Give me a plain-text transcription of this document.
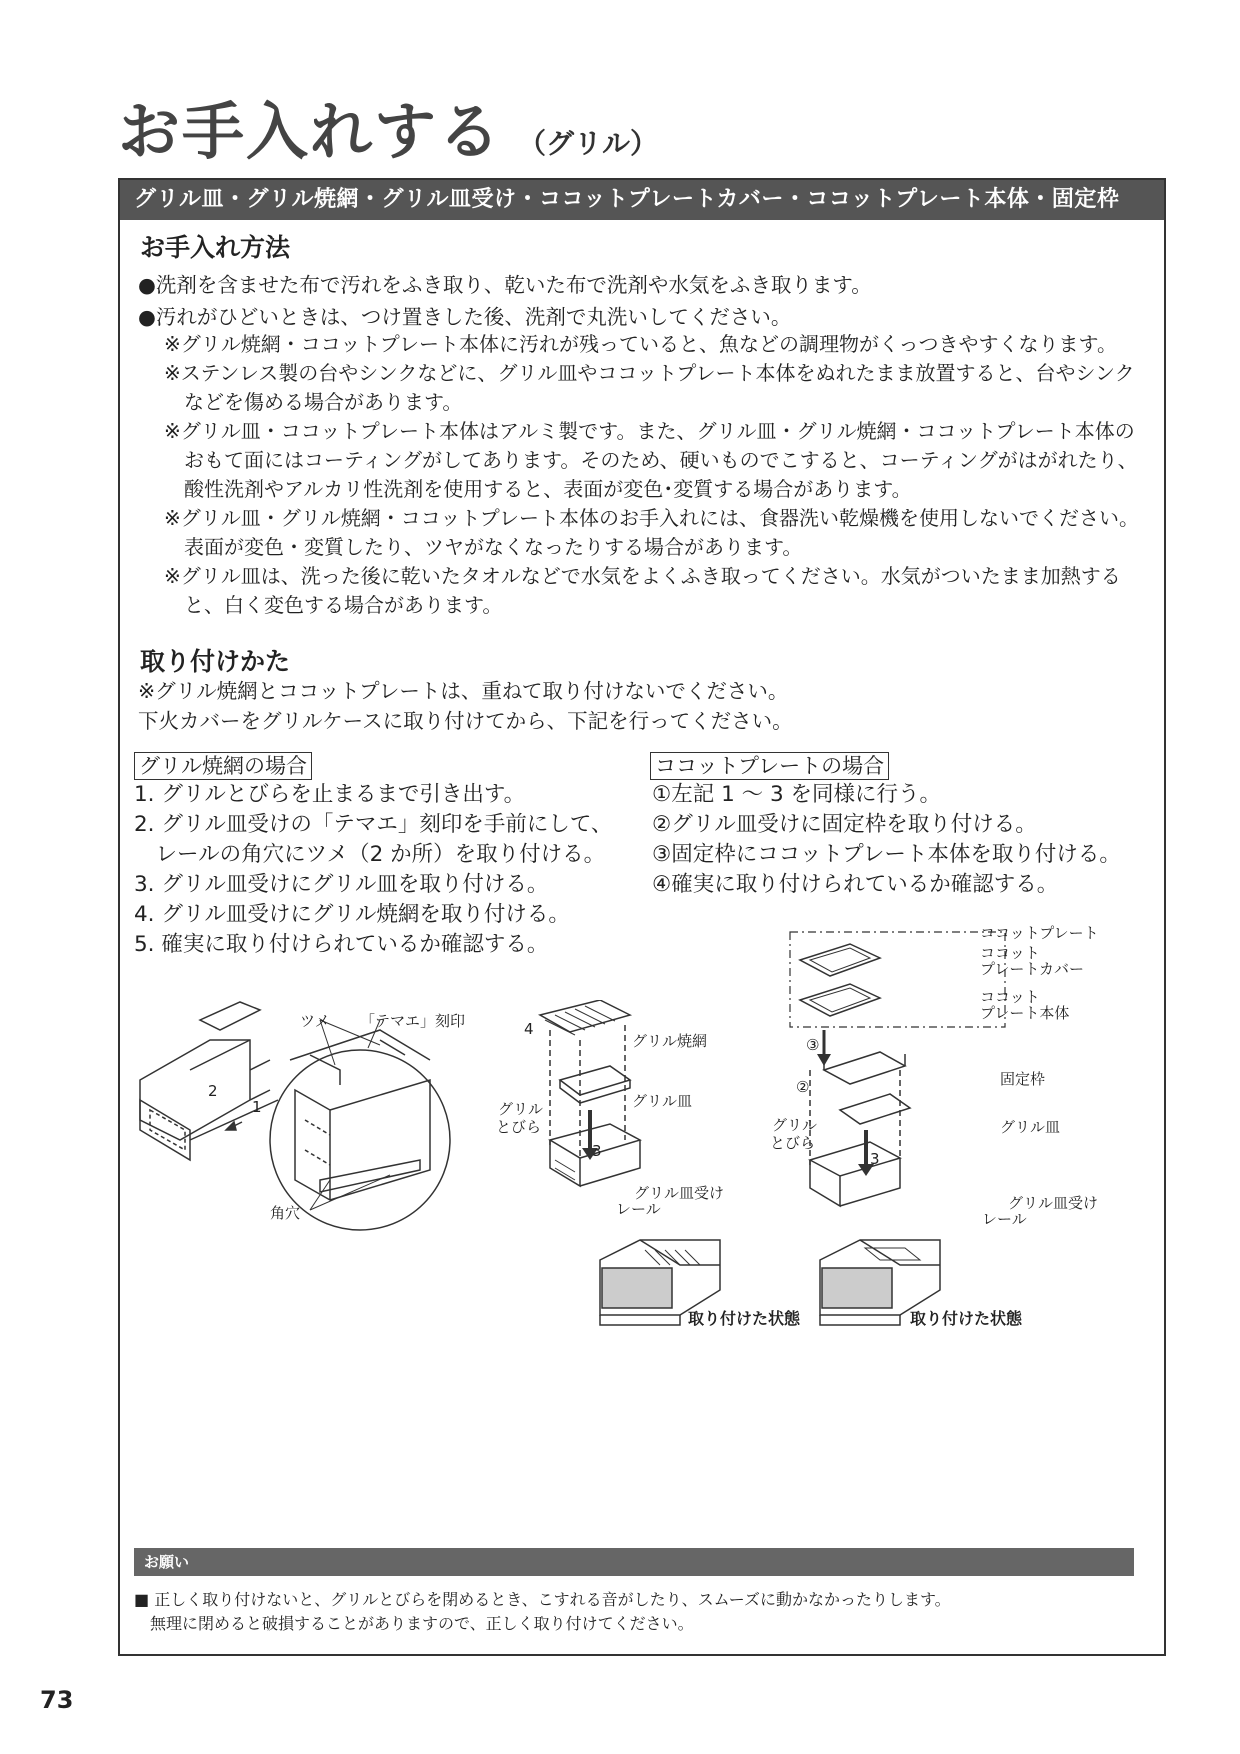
お手入れする （グリル）
グリル皿・グリル焼網・グリル皿受け・ココットプレートカバー・ココットプレート本体・固定枠
お手入れ方法
●洗剤を含ませた布で汚れをふき取り、乾いた布で洗剤や水気をふき取ります。
●汚れがひどいときは、つけ置きした後、洗剤で丸洗いしてください。

※グリル焼網・ココットプレート本体に汚れが残っていると、魚などの調理物がくっつきやすくなります。

※ステンレス製の台やシンクなどに、グリル皿やココットプレート本体をぬれたまま放置すると、台やシンクなどを傷める場合があります。

※グリル皿・ココットプレート本体はアルミ製です。また、グリル皿・グリル焼網・ココットプレート本体のおもて面にはコーティングがしてあります。そのため、硬いものでこすると、コーティングがはがれたり、酸性洗剤やアルカリ性洗剤を使用すると、表面が変色･変質する場合があります。

※グリル皿・グリル焼網・ココットプレート本体のお手入れには、食器洗い乾燥機を使用しないでください。

表面が変色・変質したり、ツヤがなくなったりする場合があります。

※グリル皿は、洗った後に乾いたタオルなどで水気をよくふき取ってください。水気がついたまま加熱すると、白く変色する場合があります。

取り付けかた
※グリル焼網とココットプレートは、重ねて取り付けないでください。
下火カバーをグリルケースに取り付けてから、下記を行ってください。
グリル焼網の場合
1. グリルとびらを止まるまで引き出す。
2. グリル皿受けの「テマエ」刻印を手前にして、
　レールの角穴にツメ（2 か所）を取り付ける。
3. グリル皿受けにグリル皿を取り付ける。
4. グリル皿受けにグリル焼網を取り付ける。
5. 確実に取り付けられているか確認する。
ココットプレートの場合
①左記 1 ～ 3 を同様に行う。
②グリル皿受けに固定枠を取り付ける。
③固定枠にココットプレート本体を取り付ける。
④確実に取り付けられているか確認する。
ツメ 「テマエ」刻印
角穴
2
1
4
3
グリル焼網
グリル皿
グリル
とびら
グリル皿受け
レール
ココットプレート
ココット
プレートカバー
ココット
プレート本体
③
②	固定枠
グリル皿
グリル
とびら
3
グリル皿受け
レール
取り付けた状態	取り付けた状態
お願い
■ 正しく取り付けないと、グリルとびらを閉めるとき、こすれる音がしたり、スムーズに動かなかったりします。
　無理に閉めると破損することがありますので、正しく取り付けてください。
73
